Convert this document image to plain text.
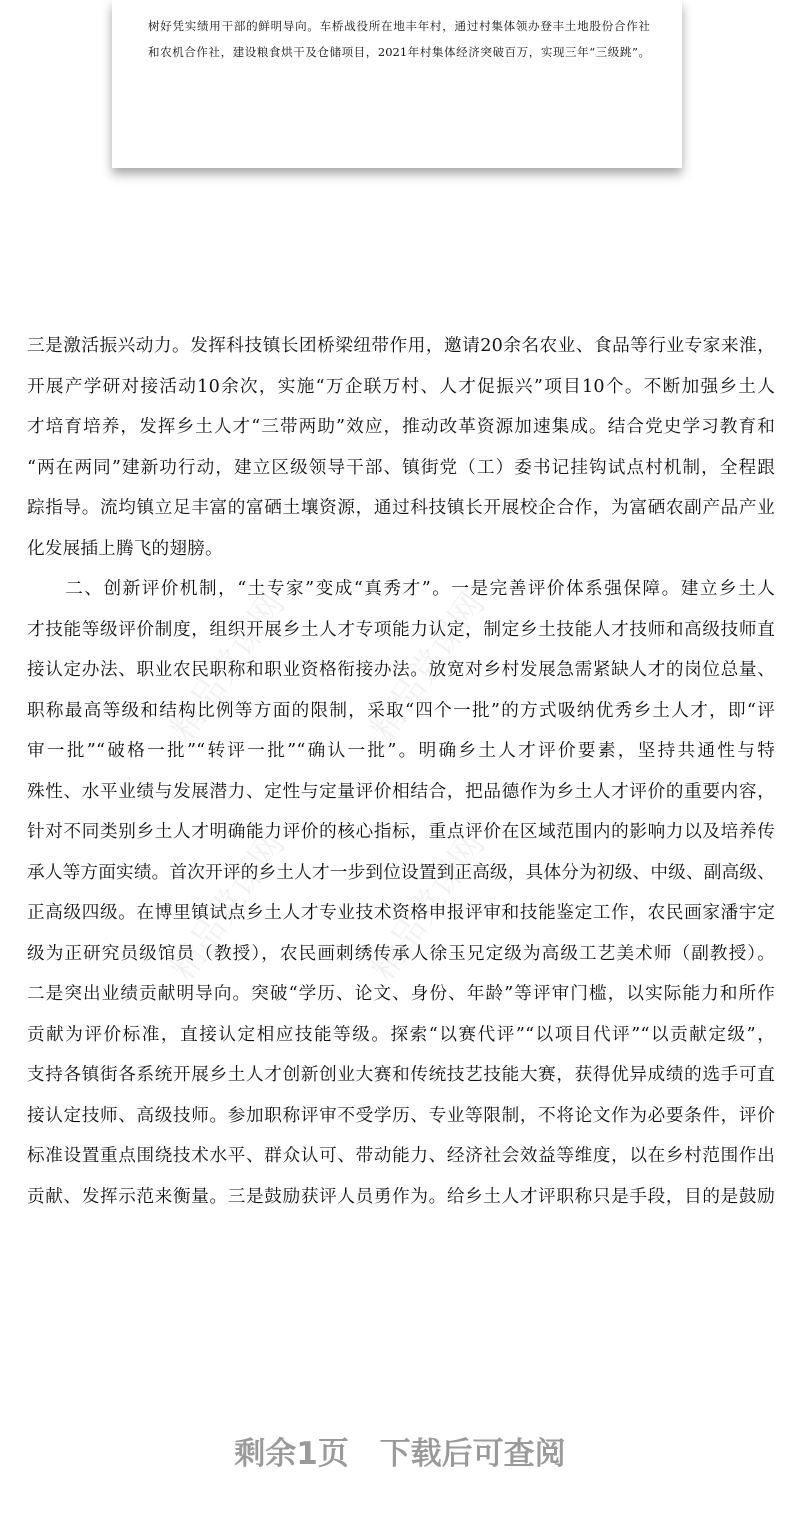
树好凭实绩用干部的鲜明导向。车桥战役所在地丰年村，通过村集体领办登丰土地股份合作社
和农机合作社，建设粮食烘干及仓储项目，2021年村集体经济突破百万，实现三年“三级跳”。
精品党课网 精品党课网
精品党课网 精品党课网
三是激活振兴动力。发挥科技镇长团桥梁纽带作用，邀请20余名农业、食品等行业专家来淮，
开展产学研对接活动10余次，实施“万企联万村、人才促振兴”项目10个。不断加强乡土人
才培育培养，发挥乡土人才“三带两助”效应，推动改革资源加速集成。结合党史学习教育和
“两在两同”建新功行动，建立区级领导干部、镇街党（工）委书记挂钩试点村机制，全程跟
踪指导。流均镇立足丰富的富硒土壤资源，通过科技镇长开展校企合作，为富硒农副产品产业
化发展插上腾飞的翅膀。
　　二、创新评价机制，“土专家”变成“真秀才”。一是完善评价体系强保障。建立乡土人
才技能等级评价制度，组织开展乡土人才专项能力认定，制定乡土技能人才技师和高级技师直
接认定办法、职业农民职称和职业资格衔接办法。放宽对乡村发展急需紧缺人才的岗位总量、
职称最高等级和结构比例等方面的限制，采取“四个一批”的方式吸纳优秀乡土人才，即“评
审一批”“破格一批”“转评一批”“确认一批”。明确乡土人才评价要素，坚持共通性与特
殊性、水平业绩与发展潜力、定性与定量评价相结合，把品德作为乡土人才评价的重要内容，
针对不同类别乡土人才明确能力评价的核心指标，重点评价在区域范围内的影响力以及培养传
承人等方面实绩。首次开评的乡土人才一步到位设置到正高级，具体分为初级、中级、副高级、
正高级四级。在博里镇试点乡土人才专业技术资格申报评审和技能鉴定工作，农民画家潘宇定
级为正研究员级馆员（教授），农民画刺绣传承人徐玉兄定级为高级工艺美术师（副教授）。
二是突出业绩贡献明导向。突破“学历、论文、身份、年龄”等评审门槛，以实际能力和所作
贡献为评价标准，直接认定相应技能等级。探索“以赛代评”“以项目代评”“以贡献定级”，
支持各镇街各系统开展乡土人才创新创业大赛和传统技艺技能大赛，获得优异成绩的选手可直
接认定技师、高级技师。参加职称评审不受学历、专业等限制，不将论文作为必要条件，评价
标准设置重点围绕技术水平、群众认可、带动能力、经济社会效益等维度，以在乡村范围作出
贡献、发挥示范来衡量。三是鼓励获评人员勇作为。给乡土人才评职称只是手段，目的是鼓励
剩余1页 下载后可查阅
